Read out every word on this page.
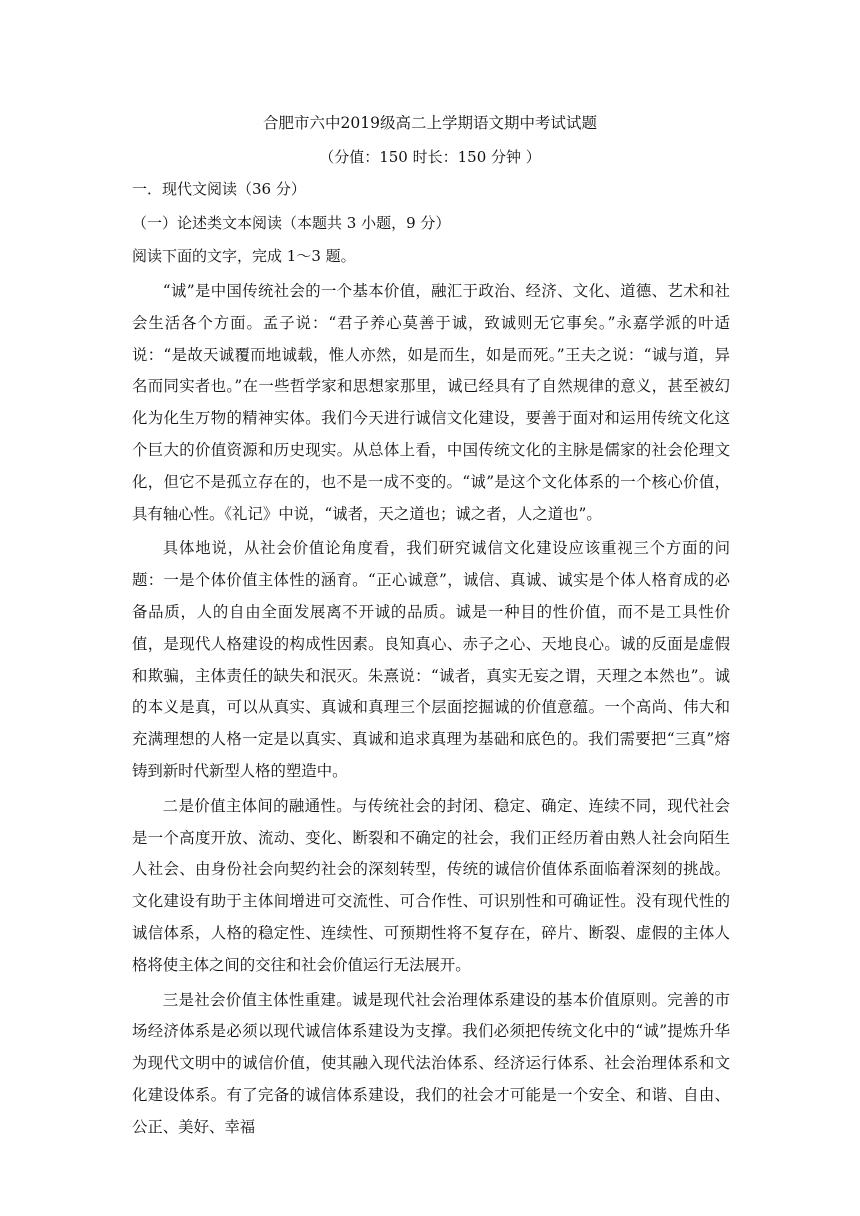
合肥市六中2019级高二上学期语文期中考试试题
（分值：150 时长：150 分钟 ）
一．现代文阅读（36 分）
（一）论述类文本阅读（本题共 3 小题，9 分）
阅读下面的文字，完成 1～3 题。

“诚”是中国传统社会的一个基本价值，融汇于政治、经济、文化、道德、艺术和社会生活各个方面。孟子说：“君子养心莫善于诚，致诚则无它事矣。”永嘉学派的叶适说：“是故天诚覆而地诚载，惟人亦然，如是而生，如是而死。”王夫之说：“诚与道，异名而同实者也。”在一些哲学家和思想家那里，诚已经具有了自然规律的意义，甚至被幻化为化生万物的精神实体。我们今天进行诚信文化建设，要善于面对和运用传统文化这个巨大的价值资源和历史现实。从总体上看，中国传统文化的主脉是儒家的社会伦理文化，但它不是孤立存在的，也不是一成不变的。“诚”是这个文化体系的一个核心价值，具有轴心性。《礼记》中说，“诚者，天之道也；诚之者，人之道也”。

具体地说，从社会价值论角度看，我们研究诚信文化建设应该重视三个方面的问题：一是个体价值主体性的涵育。“正心诚意”，诚信、真诚、诚实是个体人格育成的必备品质，人的自由全面发展离不开诚的品质。诚是一种目的性价值，而不是工具性价值，是现代人格建设的构成性因素。良知真心、赤子之心、天地良心。诚的反面是虚假和欺骗，主体责任的缺失和泯灭。朱熹说：“诚者，真实无妄之谓，天理之本然也”。诚的本义是真，可以从真实、真诚和真理三个层面挖掘诚的价值意蕴。一个高尚、伟大和充满理想的人格一定是以真实、真诚和追求真理为基础和底色的。我们需要把“三真”熔铸到新时代新型人格的塑造中。

二是价值主体间的融通性。与传统社会的封闭、稳定、确定、连续不同，现代社会是一个高度开放、流动、变化、断裂和不确定的社会，我们正经历着由熟人社会向陌生人社会、由身份社会向契约社会的深刻转型，传统的诚信价值体系面临着深刻的挑战。文化建设有助于主体间增进可交流性、可合作性、可识别性和可确证性。没有现代性的诚信体系，人格的稳定性、连续性、可预期性将不复存在，碎片、断裂、虚假的主体人格将使主体之间的交往和社会价值运行无法展开。

三是社会价值主体性重建。诚是现代社会治理体系建设的基本价值原则。完善的市场经济体系是必须以现代诚信体系建设为支撑。我们必须把传统文化中的“诚”提炼升华为现代文明中的诚信价值，使其融入现代法治体系、经济运行体系、社会治理体系和文化建设体系。有了完备的诚信体系建设，我们的社会才可能是一个安全、和谐、自由、公正、美好、幸福
